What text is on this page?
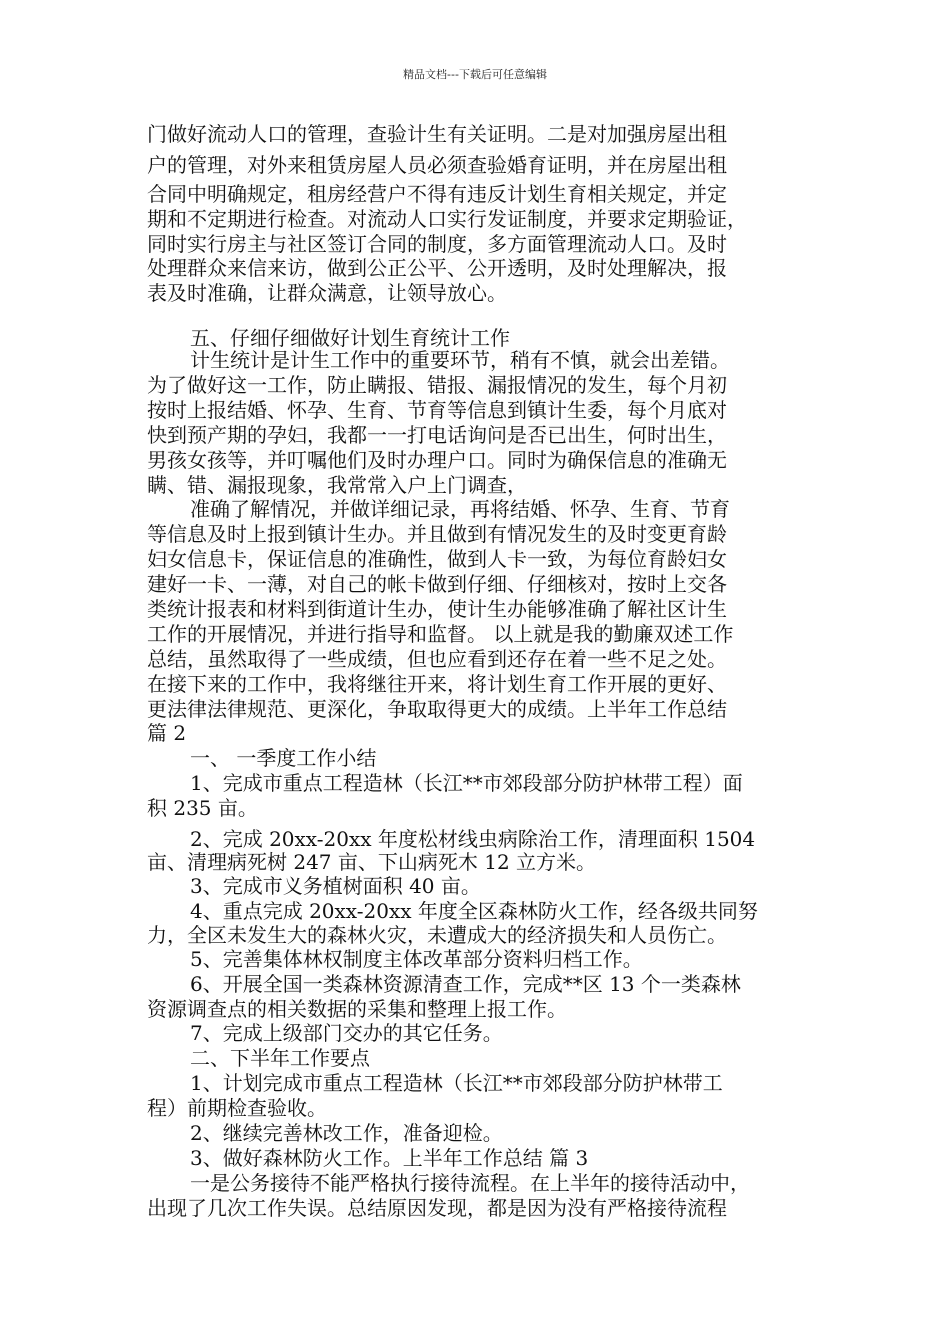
精品文档---下载后可任意编辑
门做好流动人口的管理，查验计生有关证明。二是对加强房屋出租
户的管理，对外来租赁房屋人员必须查验婚育证明，并在房屋出租
合同中明确规定，租房经营户不得有违反计划生育相关规定，并定
期和不定期进行检查。对流动人口实行发证制度，并要求定期验证，
同时实行房主与社区签订合同的制度，多方面管理流动人口。及时
处理群众来信来访，做到公正公平、公开透明，及时处理解决，报
表及时准确，让群众满意，让领导放心。
五、仔细仔细做好计划生育统计工作
计生统计是计生工作中的重要环节，稍有不慎，就会出差错。
为了做好这一工作，防止瞒报、错报、漏报情况的发生，每个月初
按时上报结婚、怀孕、生育、节育等信息到镇计生委，每个月底对
快到预产期的孕妇，我都一一打电话询问是否已出生，何时出生，
男孩女孩等，并叮嘱他们及时办理户口。同时为确保信息的准确无
瞒、错、漏报现象，我常常入户上门调查，
准确了解情况，并做详细记录，再将结婚、怀孕、生育、节育
等信息及时上报到镇计生办。并且做到有情况发生的及时变更育龄
妇女信息卡，保证信息的准确性，做到人卡一致，为每位育龄妇女
建好一卡、一薄，对自己的帐卡做到仔细、仔细核对，按时上交各
类统计报表和材料到街道计生办，使计生办能够准确了解社区计生
工作的开展情况，并进行指导和监督。 以上就是我的勤廉双述工作
总结，虽然取得了一些成绩，但也应看到还存在着一些不足之处。
在接下来的工作中，我将继往开来，将计划生育工作开展的更好、
更法律法律规范、更深化，争取取得更大的成绩。上半年工作总结
篇 2
一、 一季度工作小结
1、完成市重点工程造林（长江**市郊段部分防护林带工程）面
积 235 亩。
2、完成 20xx-20xx 年度松材线虫病除治工作，清理面积 1504
亩、清理病死树 247 亩、下山病死木 12 立方米。
3、完成市义务植树面积 40 亩。
4、重点完成 20xx-20xx 年度全区森林防火工作，经各级共同努
力，全区未发生大的森林火灾，未遭成大的经济损失和人员伤亡。
5、完善集体林权制度主体改革部分资料归档工作。
6、开展全国一类森林资源清查工作，完成**区 13 个一类森林
资源调查点的相关数据的采集和整理上报工作。
7、完成上级部门交办的其它任务。
二、下半年工作要点
1、计划完成市重点工程造林（长江**市郊段部分防护林带工
程）前期检查验收。
2、继续完善林改工作，准备迎检。
3、做好森林防火工作。上半年工作总结 篇 3
一是公务接待不能严格执行接待流程。在上半年的接待活动中，
出现了几次工作失误。总结原因发现，都是因为没有严格接待流程
